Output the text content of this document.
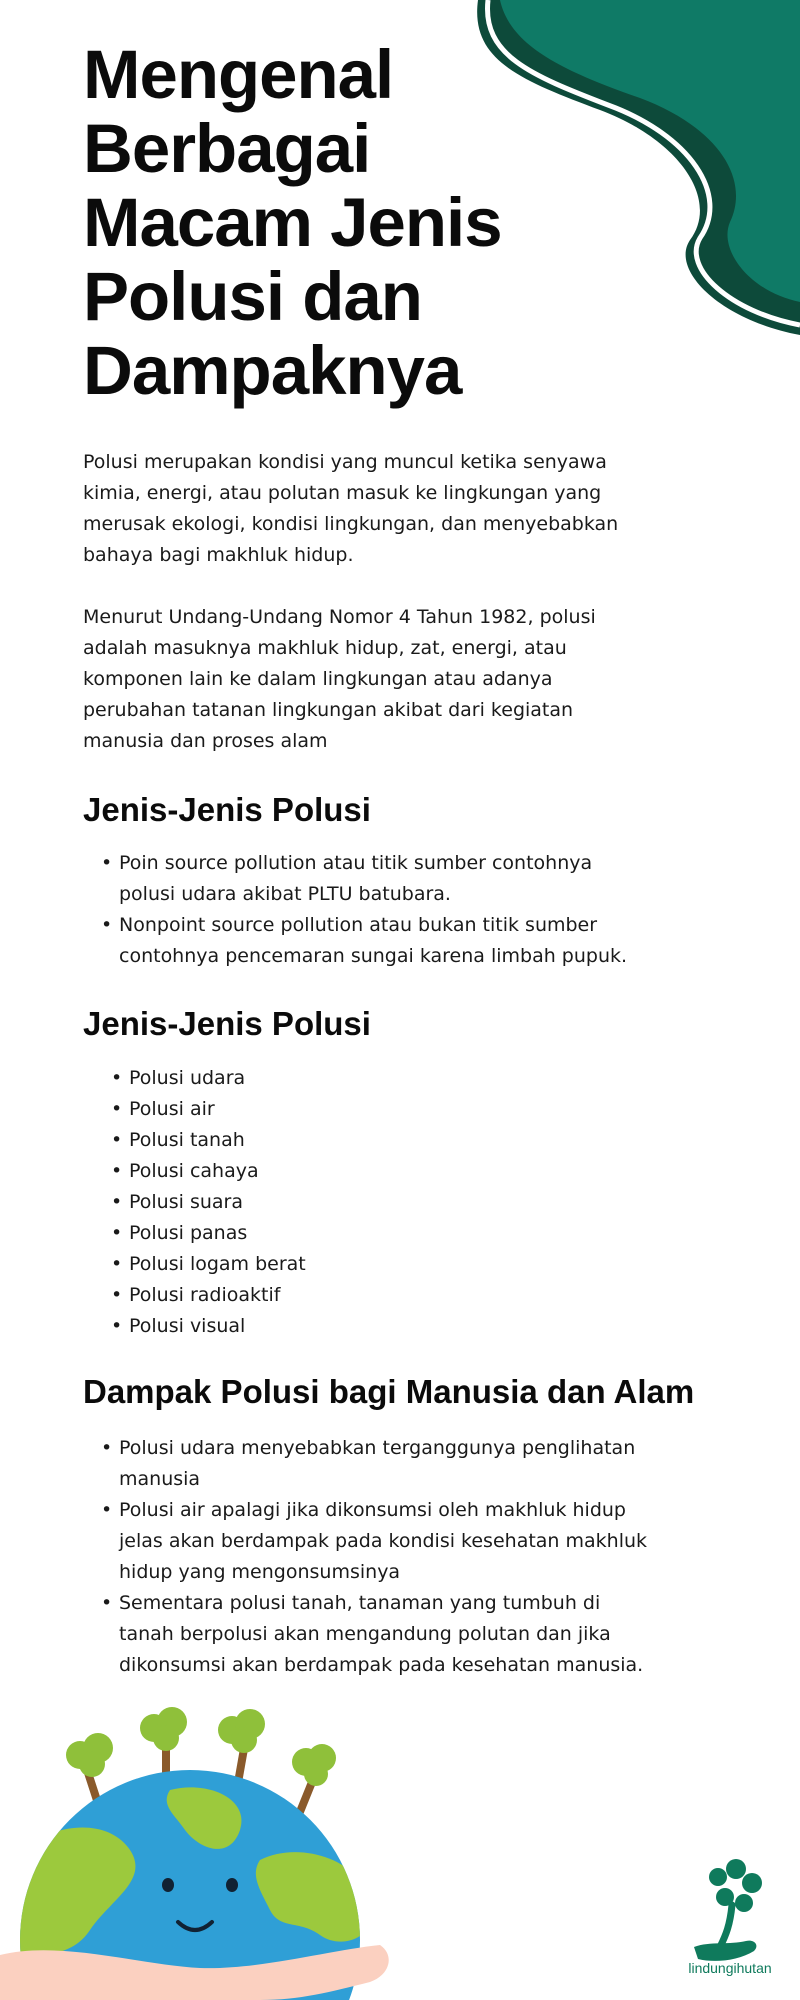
Mengenal
Berbagai
Macam Jenis
Polusi dan
Dampaknya

Polusi merupakan kondisi yang muncul ketika senyawa
kimia, energi, atau polutan masuk ke lingkungan yang
merusak ekologi, kondisi lingkungan, dan menyebabkan
bahaya bagi makhluk hidup.

Menurut Undang-Undang Nomor 4 Tahun 1982, polusi
adalah masuknya makhluk hidup, zat, energi, atau
komponen lain ke dalam lingkungan atau adanya
perubahan tatanan lingkungan akibat dari kegiatan
manusia dan proses alam

Jenis-Jenis Polusi
• Poin source pollution atau titik sumber contohnya
polusi udara akibat PLTU batubara.
• Nonpoint source pollution atau bukan titik sumber
contohnya pencemaran sungai karena limbah pupuk.
Jenis-Jenis Polusi
• Polusi udara
• Polusi air
• Polusi tanah
• Polusi cahaya
• Polusi suara
• Polusi panas
• Polusi logam berat
• Polusi radioaktif
• Polusi visual
Dampak Polusi bagi Manusia dan Alam
• Polusi udara menyebabkan terganggunya penglihatan
manusia
• Polusi air apalagi jika dikonsumsi oleh makhluk hidup
jelas akan berdampak pada kondisi kesehatan makhluk
hidup yang mengonsumsinya
• Sementara polusi tanah, tanaman yang tumbuh di
tanah berpolusi akan mengandung polutan dan jika
dikonsumsi akan berdampak pada kesehatan manusia.
lindungihutan
